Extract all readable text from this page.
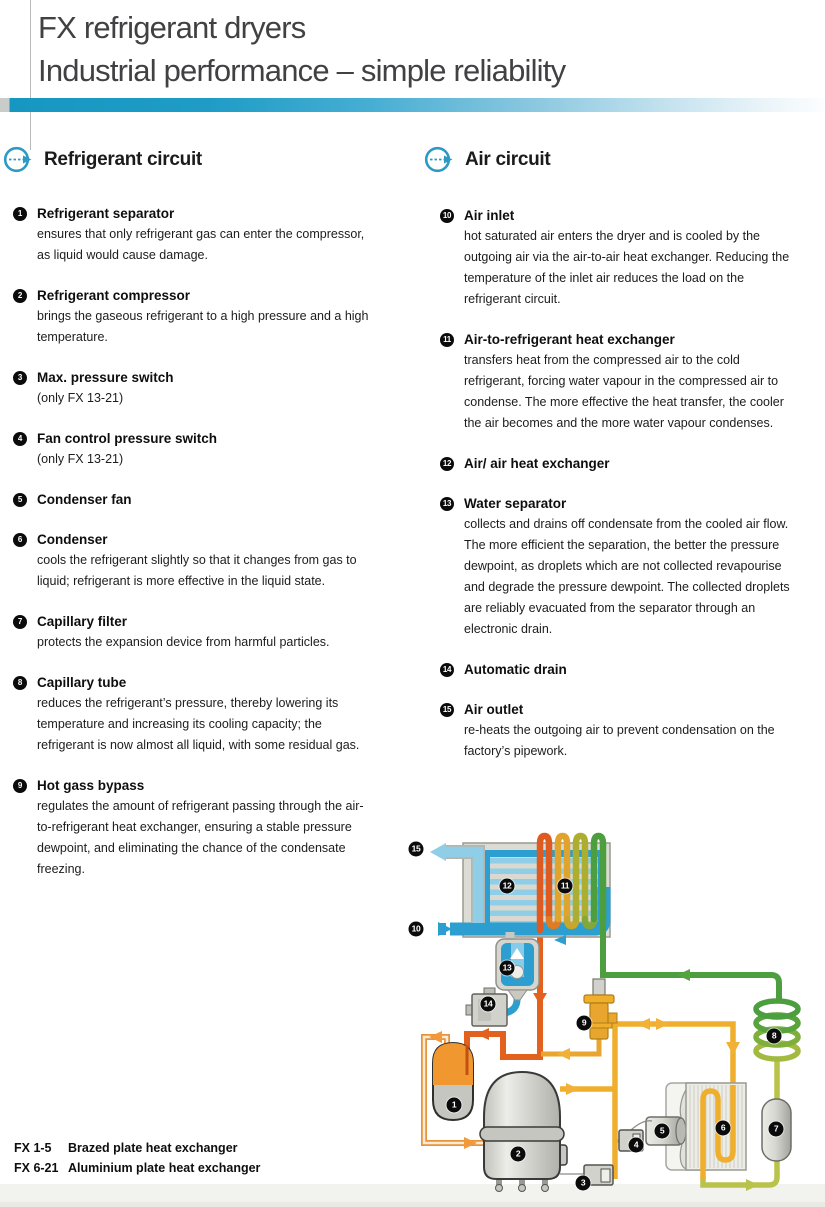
FX refrigerant dryers
Industrial performance – simple reliability
Refrigerant circuit	Air circuit
1	Refrigerant separator
ensures that only refrigerant gas can enter the compressor, as liquid would cause damage.
2	Refrigerant compressor
brings the gaseous refrigerant to a high pressure and a high temperature.
3	Max. pressure switch
(only FX 13-21)
4	Fan control pressure switch
(only FX 13-21)
5	Condenser fan
6	Condenser
cools the refrigerant slightly so that it changes from gas to liquid; refrigerant is more effective in the liquid state.
7	Capillary filter
protects the expansion device from harmful particles.
8	Capillary tube
reduces the refrigerant’s pressure, thereby lowering its temperature and increasing its cooling capacity; the refrigerant is now almost all liquid, with some residual gas.
9	Hot gass bypass
regulates the amount of refrigerant passing through the air-to-refrigerant heat exchanger, ensuring a stable pressure dewpoint, and eliminating the chance of the condensate freezing.
10 Air inlet
hot saturated air enters the dryer and is cooled by the outgoing air via the air-to-air heat exchanger. Reducing the temperature of the inlet air reduces the load on the refrigerant circuit.
11 Air-to-refrigerant heat exchanger
transfers heat from the compressed air to the cold refrigerant, forcing water vapour in the compressed air to condense. The more effective the heat transfer, the cooler the air becomes and the more water vapour condenses.
12 Air/ air heat exchanger
13 Water separator
collects and drains off condensate from the cooled air flow. The more efficient the separation, the better the pressure dewpoint, as droplets which are not collected revapourise and degrade the pressure dewpoint. The collected droplets are reliably evacuated from the separator through an electronic drain.
14 Automatic drain
15 Air outlet
re-heats the outgoing air to prevent condensation on the factory’s pipework.
FX 1-5	Brazed plate heat exchanger
FX 6-21 Aluminium plate heat exchanger
1
2
3
4
5	6	7
8
9
10
11
12
13
14
15
